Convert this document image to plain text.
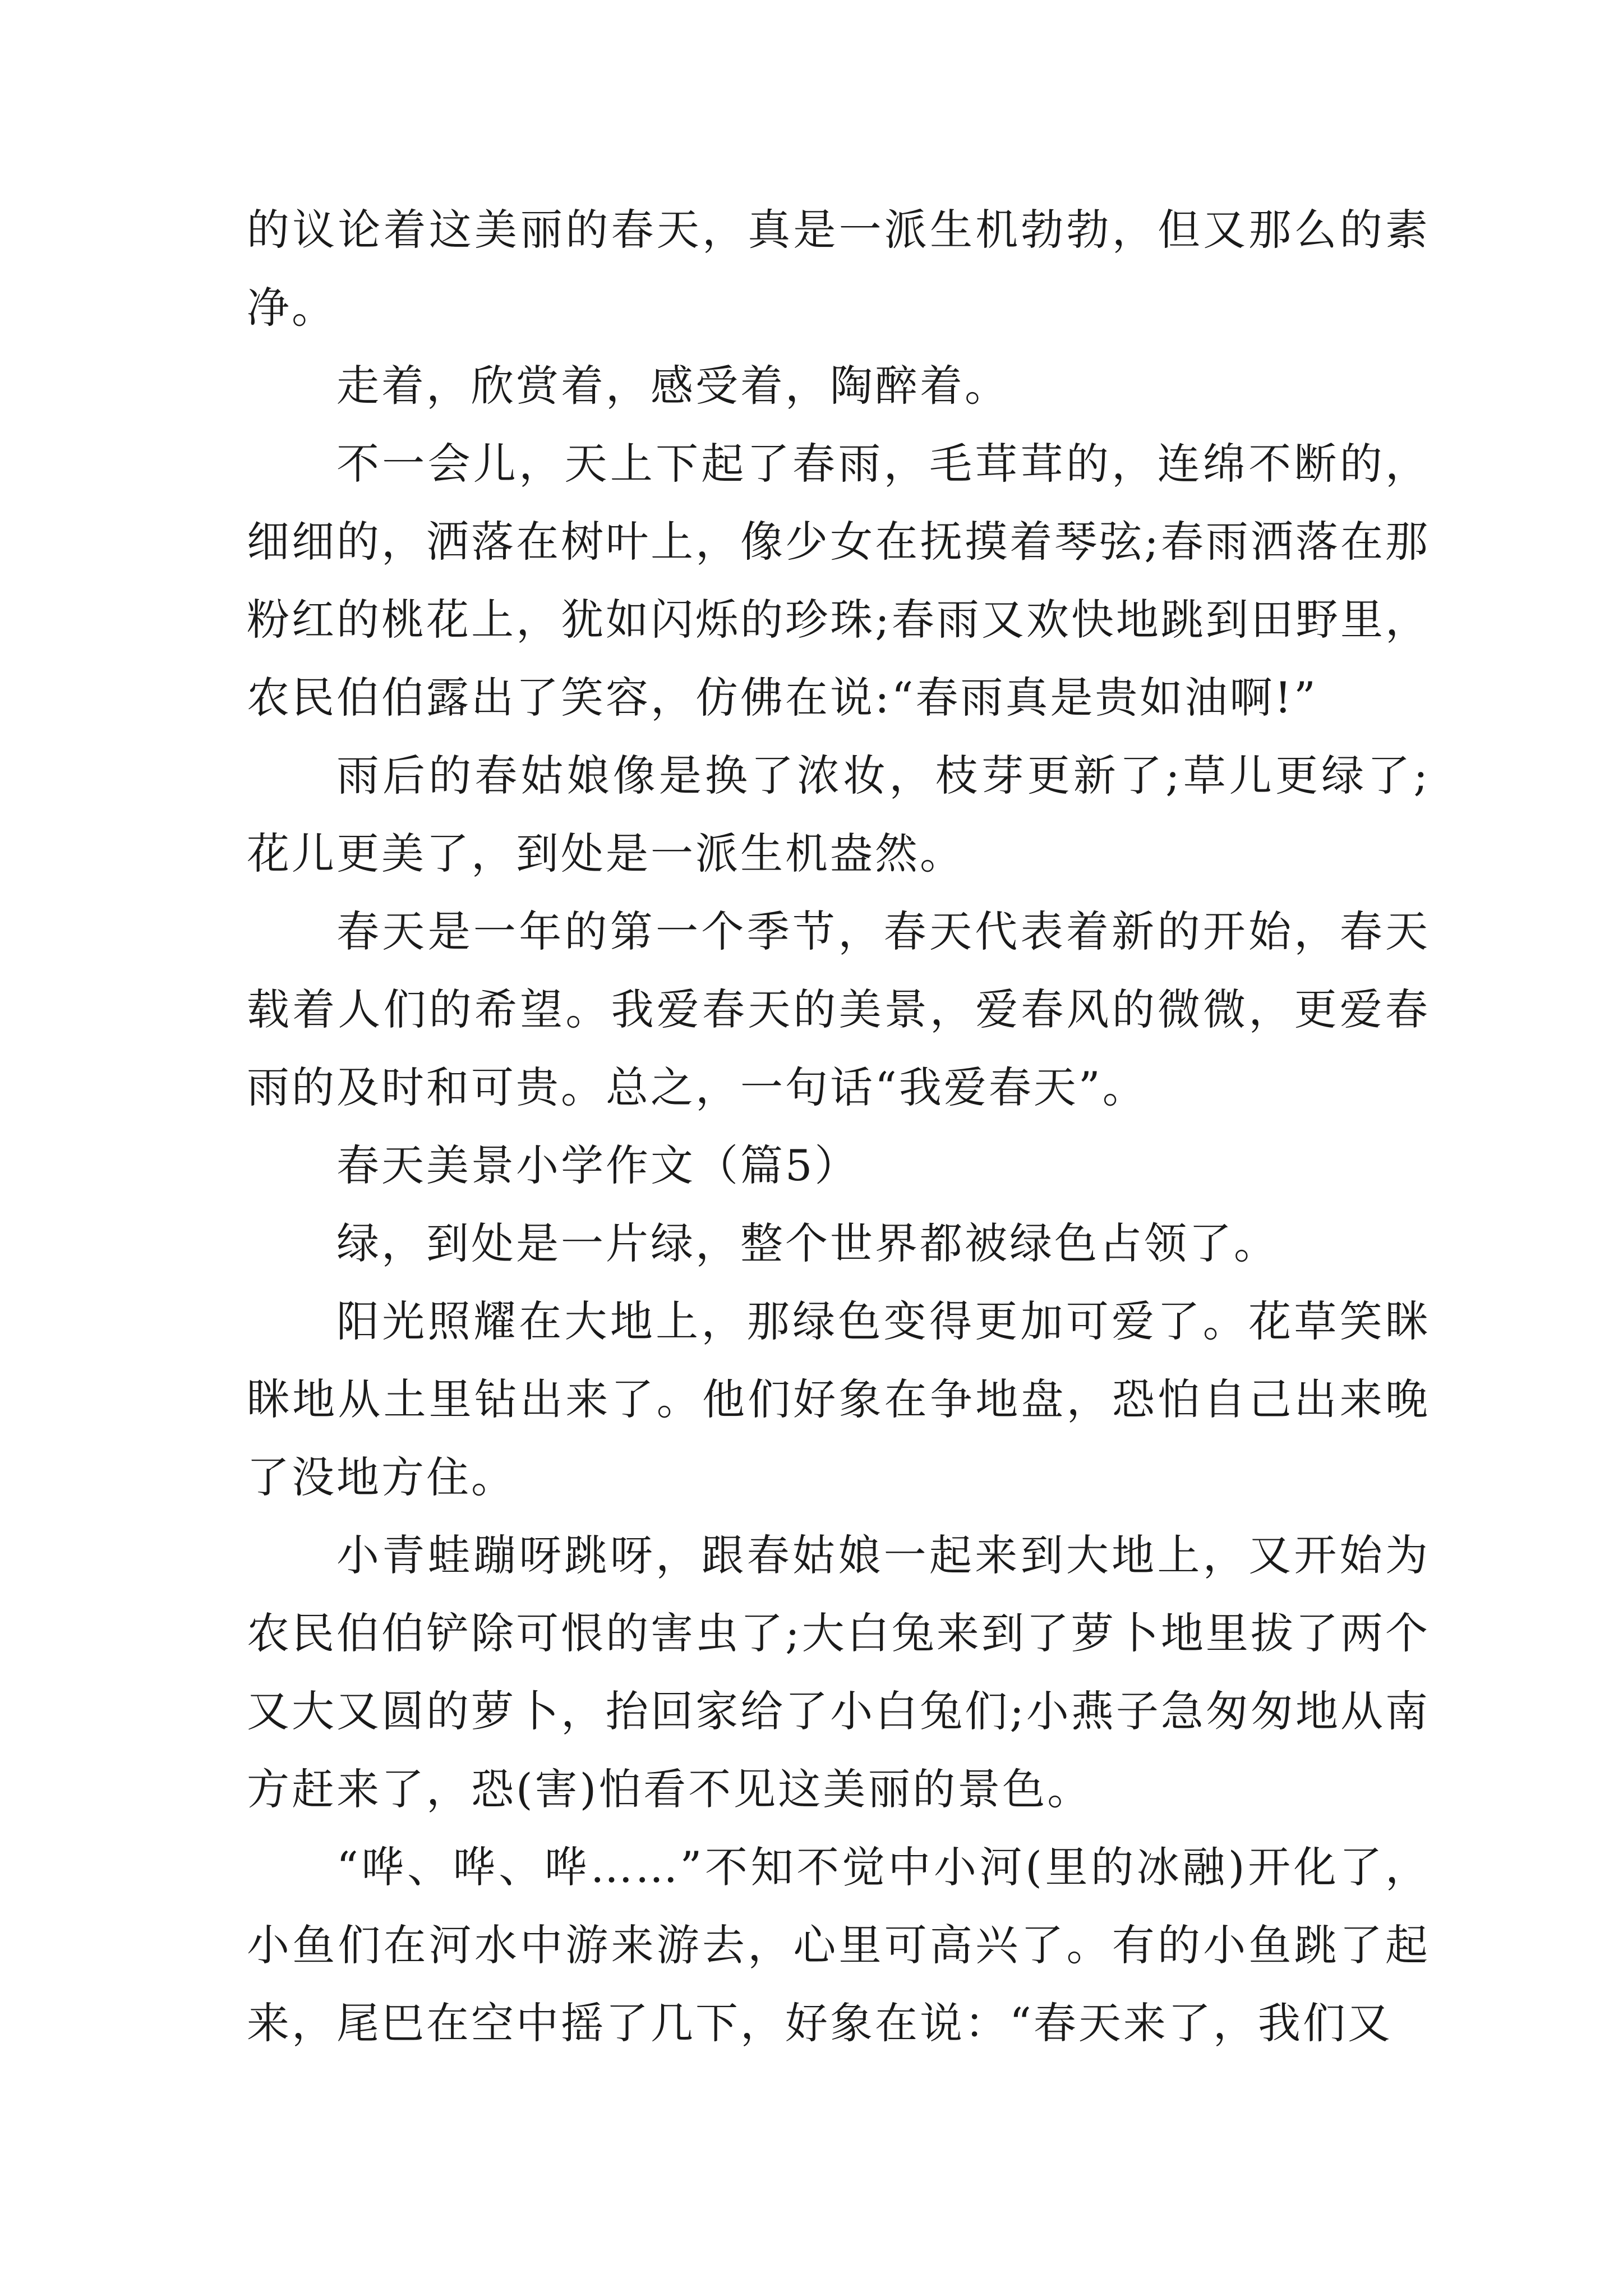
的议论着这美丽的春天，真是一派生机勃勃，但又那么的素净。

走着，欣赏着，感受着，陶醉着。

不一会儿，天上下起了春雨，毛茸茸的，连绵不断的，细细的，洒落在树叶上，像少女在抚摸着琴弦;春雨洒落在那粉红的桃花上，犹如闪烁的珍珠;春雨又欢快地跳到田野里，农民伯伯露出了笑容，仿佛在说:“春雨真是贵如油啊!”

雨后的春姑娘像是换了浓妆，枝芽更新了;草儿更绿了;花儿更美了，到处是一派生机盎然。

春天是一年的第一个季节，春天代表着新的开始，春天载着人们的希望。我爱春天的美景，爱春风的微微，更爱春雨的及时和可贵。总之，一句话“我爱春天”。

春天美景小学作文（篇5）

绿，到处是一片绿，整个世界都被绿色占领了。

阳光照耀在大地上，那绿色变得更加可爱了。花草笑眯眯地从土里钻出来了。他们好象在争地盘，恐怕自己出来晚了没地方住。

小青蛙蹦呀跳呀，跟春姑娘一起来到大地上，又开始为农民伯伯铲除可恨的害虫了;大白兔来到了萝卜地里拔了两个又大又圆的萝卜，抬回家给了小白兔们;小燕子急匆匆地从南方赶来了，恐(害)怕看不见这美丽的景色。

“哗、哗、哗……”不知不觉中小河(里的冰融)开化了，小鱼们在河水中游来游去，心里可高兴了。有的小鱼跳了起来，尾巴在空中摇了几下，好象在说：“春天来了，我们又
